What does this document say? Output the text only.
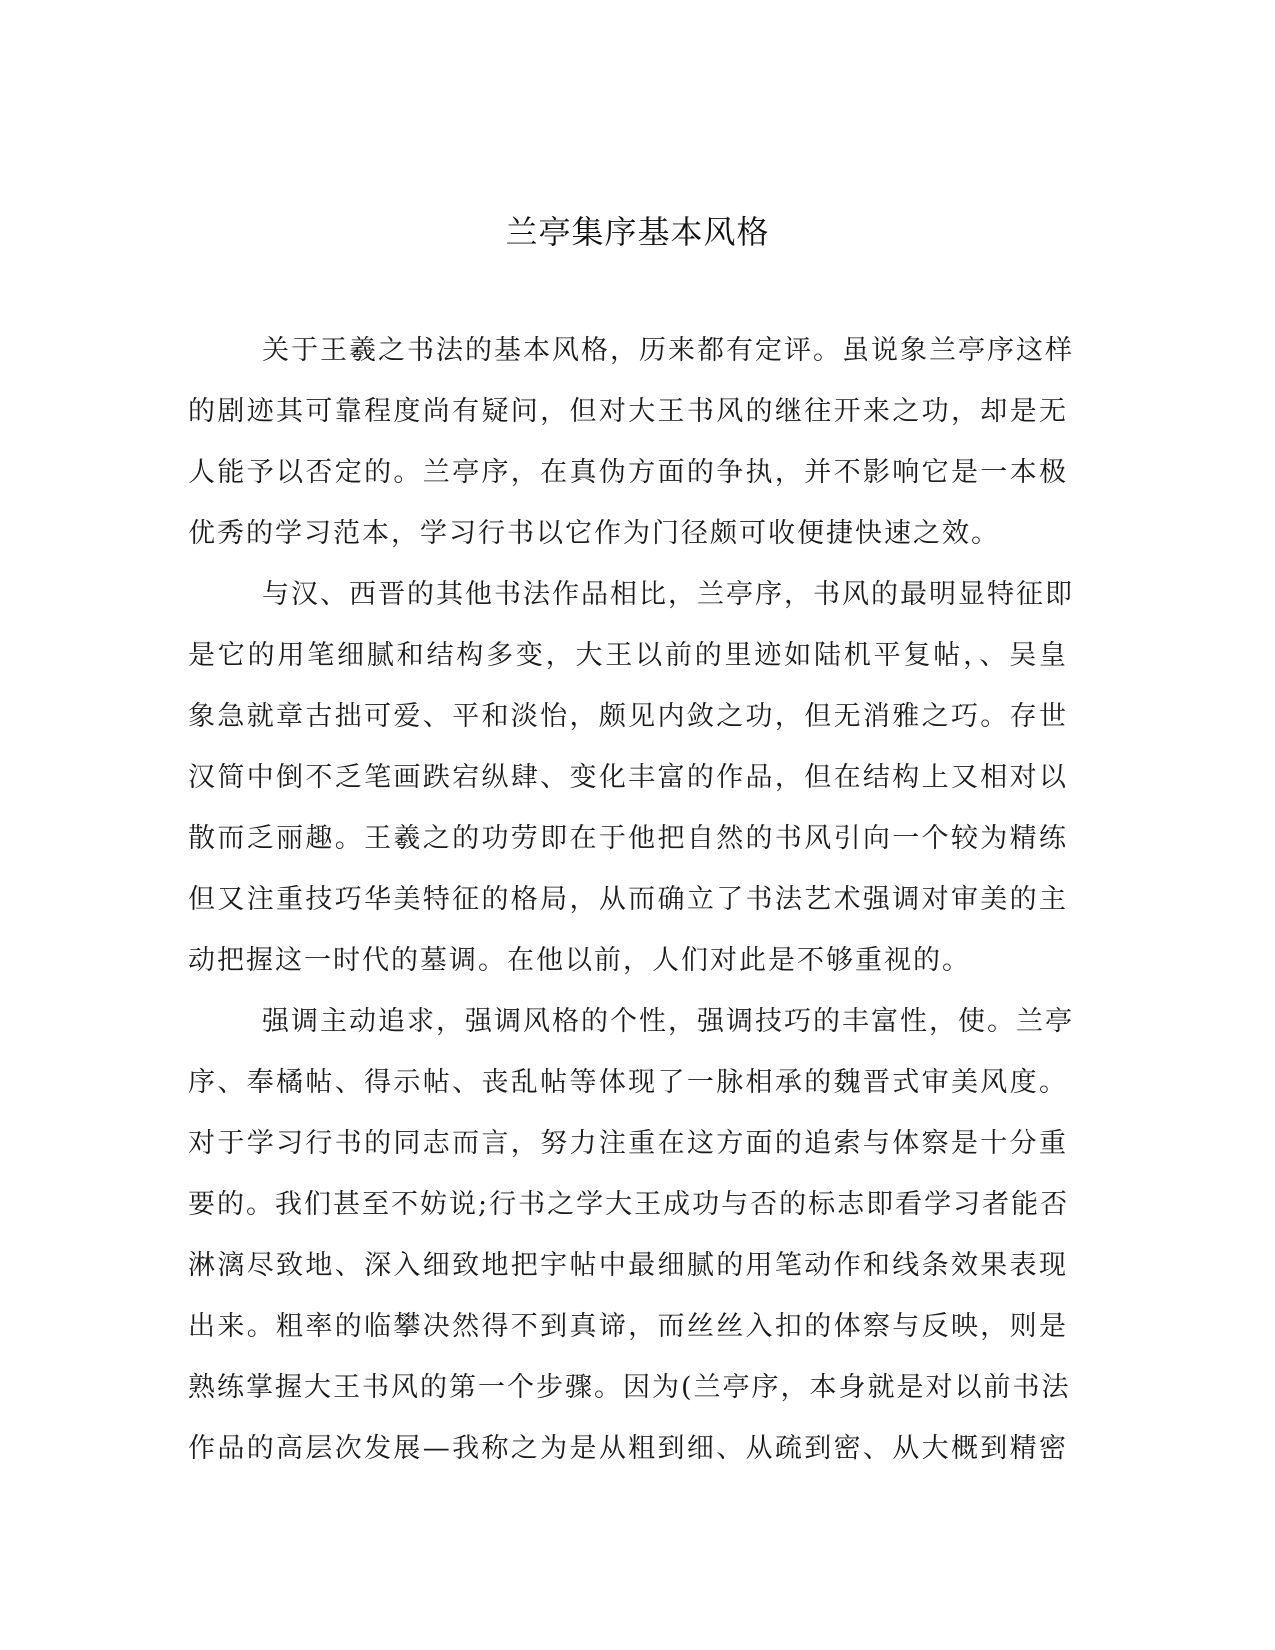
兰亭集序基本风格
关于王羲之书法的基本风格，历来都有定评。虽说象兰亭序这样
的剧迹其可靠程度尚有疑问，但对大王书风的继往开来之功，却是无
人能予以否定的。兰亭序，在真伪方面的争执，并不影响它是一本极
优秀的学习范本，学习行书以它作为门径颇可收便捷快速之效。
与汉、西晋的其他书法作品相比，兰亭序，书风的最明显特征即
是它的用笔细腻和结构多变，大王以前的里迹如陆机平复帖，、吴皇
象急就章古拙可爱、平和淡怡，颇见内敛之功，但无消雅之巧。存世
汉简中倒不乏笔画跌宕纵肆、变化丰富的作品，但在结构上又相对以
散而乏丽趣。王羲之的功劳即在于他把自然的书风引向一个较为精练
但又注重技巧华美特征的格局，从而确立了书法艺术强调对审美的主
动把握这一时代的墓调。在他以前，人们对此是不够重视的。
强调主动追求，强调风格的个性，强调技巧的丰富性，使。兰亭
序、奉橘帖、得示帖、丧乱帖等体现了一脉相承的魏晋式审美风度。
对于学习行书的同志而言，努力注重在这方面的追索与体察是十分重
要的。我们甚至不妨说;行书之学大王成功与否的标志即看学习者能否
淋漓尽致地、深入细致地把宇帖中最细腻的用笔动作和线条效果表现
出来。粗率的临攀决然得不到真谛，而丝丝入扣的体察与反映，则是
熟练掌握大王书风的第一个步骤。因为(兰亭序，本身就是对以前书法
作品的高层次发展—我称之为是从粗到细、从疏到密、从大概到精密
